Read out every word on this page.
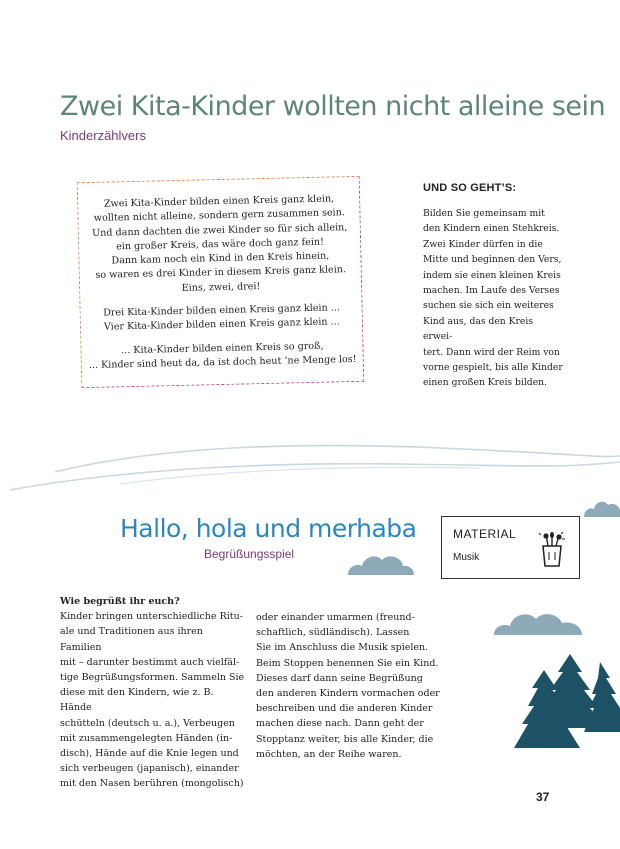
Zwei Kita-Kinder wollten nicht alleine sein
Kinderzählvers

Zwei Kita-Kinder bilden einen Kreis ganz klein,
wollten nicht alleine, sondern gern zusammen sein.
Und dann dachten die zwei Kinder so für sich allein,
ein großer Kreis, das wäre doch ganz fein!
Dann kam noch ein Kind in den Kreis hinein,
so waren es drei Kinder in diesem Kreis ganz klein.
Eins, zwei, drei!

Drei Kita-Kinder bilden einen Kreis ganz klein ...
Vier Kita-Kinder bilden einen Kreis ganz klein ...

... Kita-Kinder bilden einen Kreis so groß,
... Kinder sind heut da, da ist doch heut ’ne Menge los!

UND SO GEHT’S:
Bilden Sie gemeinsam mit
den Kindern einen Stehkreis.
Zwei Kinder dürfen in die
Mitte und beginnen den Vers,
indem sie einen kleinen Kreis
machen. Im Laufe des Verses
suchen sie sich ein weiteres
Kind aus, das den Kreis erwei-
tert. Dann wird der Reim von
vorne gespielt, bis alle Kinder
einen großen Kreis bilden.
Hallo, hola und merhaba
Begrüßungsspiel
MATERIAL
Musik
Wie begrüßt ihr euch?
Kinder bringen unterschiedliche Ritu-
ale und Traditionen aus ihren Familien
mit – darunter bestimmt auch vielfäl-
tige Begrüßungsformen. Sammeln Sie
diese mit den Kindern, wie z. B. Hände
schütteln (deutsch u. a.), Verbeugen
mit zusammengelegten Händen (in-
disch), Hände auf die Knie legen und
sich verbeugen (japanisch), einander
mit den Nasen berühren (mongolisch)
oder einander umarmen (freund-
schaftlich, südländisch). Lassen
Sie im Anschluss die Musik spielen.
Beim Stoppen benennen Sie ein Kind.
Dieses darf dann seine Begrüßung
den anderen Kindern vormachen oder
beschreiben und die anderen Kinder
machen diese nach. Dann geht der
Stopptanz weiter, bis alle Kinder, die
möchten, an der Reihe waren.
37
